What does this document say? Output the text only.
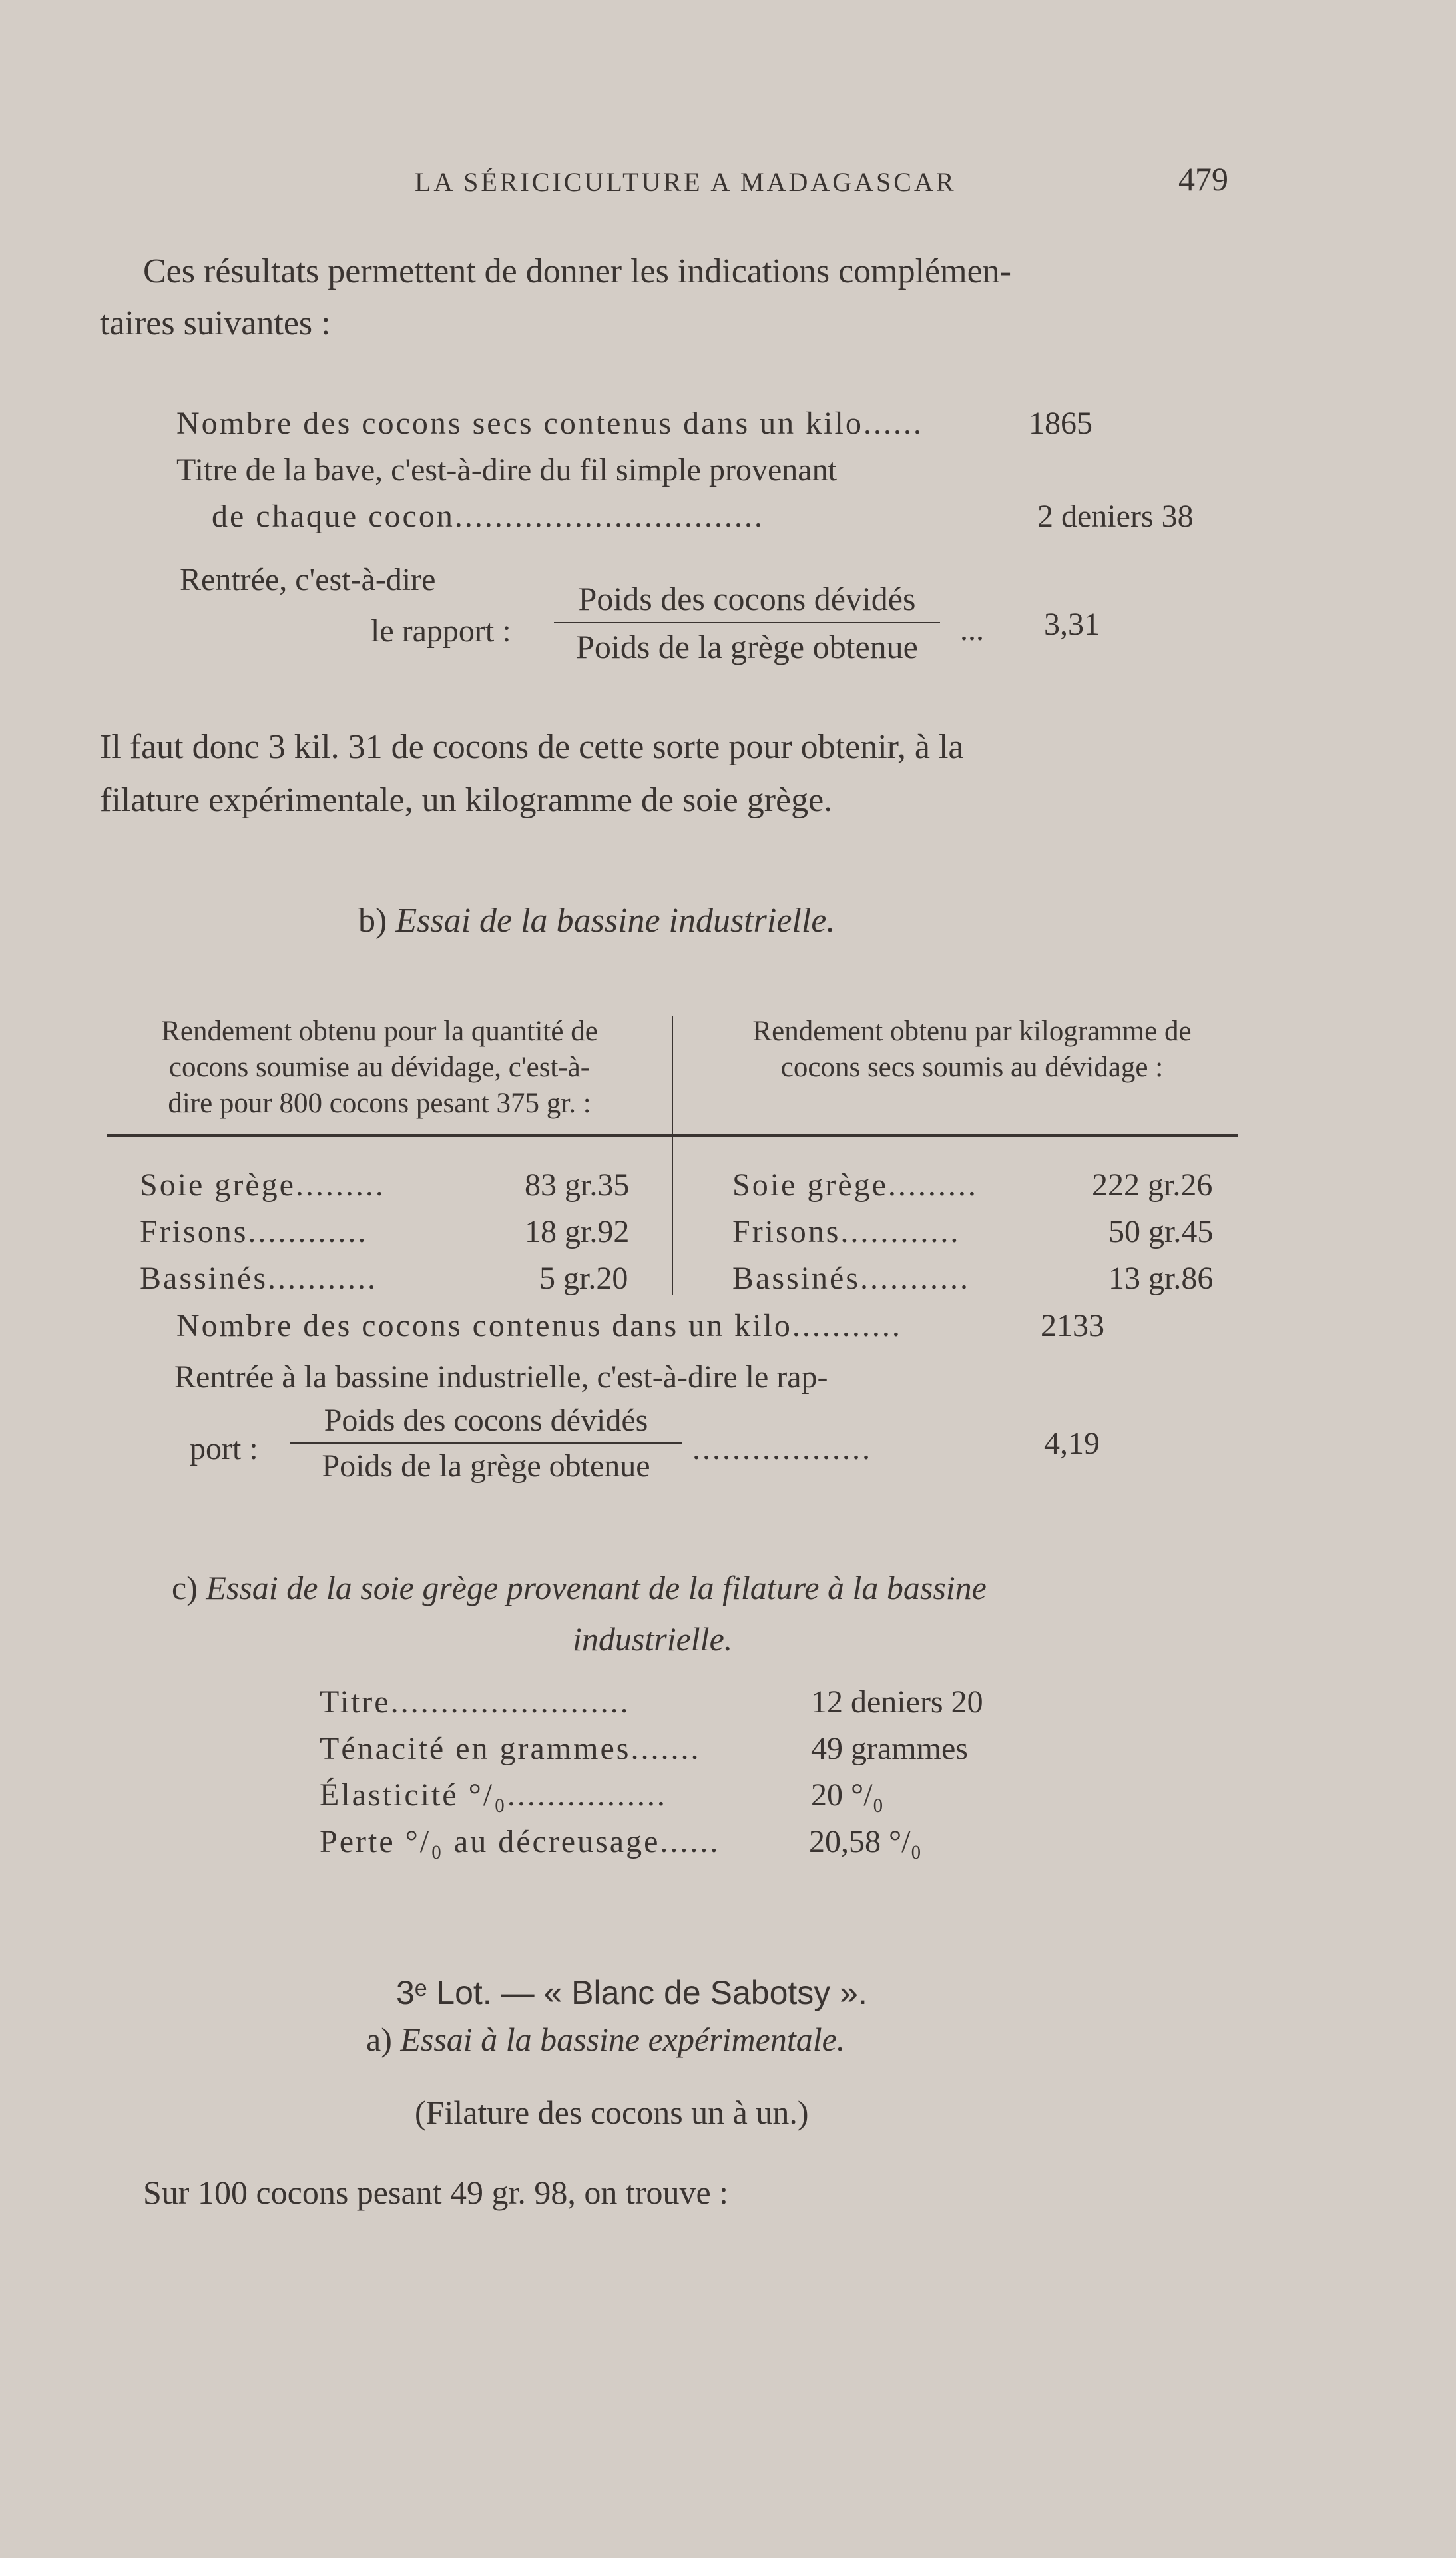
LA SÉRICICULTURE A MADAGASCAR	479
Ces résultats permettent de donner les indications complémen-
taires suivantes :
Nombre des cocons secs contenus dans un kilo......	1865
Titre de la bave, c'est-à-dire du fil simple provenant
de chaque cocon...............................	2 deniers 38
Rentrée, c'est-à-dire
le rapport :
Poids des cocons dévidés
Poids de la grège obtenue	... 3,31
Il faut donc 3 kil. 31 de cocons de cette sorte pour obtenir, à la
filature expérimentale, un kilogramme de soie grège.
b) Essai de la bassine industrielle.
Rendement obtenu pour la quantité de
cocons soumise au dévidage, c'est-à-
dire pour 800 cocons pesant 375 gr. :
Rendement obtenu par kilogramme de
cocons secs soumis au dévidage :
Soie grège.........	83 gr.35	Soie grège.........	222 gr.26
Frisons............	18 gr.92	Frisons............	50 gr.45
Bassinés...........	5 gr.20	Bassinés...........	13 gr.86
Nombre des cocons contenus dans un kilo...........	2133
Rentrée à la bassine industrielle, c'est-à-dire le rap-
port :
Poids des cocons dévidés
Poids de la grège obtenue	..................	4,19
c) Essai de la soie grège provenant de la filature à la bassine
industrielle.
Titre........................	12 deniers 20
Ténacité en grammes.......	49 grammes
Élasticité °/₀................	20 °/₀
Perte °/₀ au décreusage......	20,58 °/₀
3ᵉ Lot. — « Blanc de Sabotsy ».
a) Essai à la bassine expérimentale.
(Filature des cocons un à un.)
Sur 100 cocons pesant 49 gr. 98, on trouve :
